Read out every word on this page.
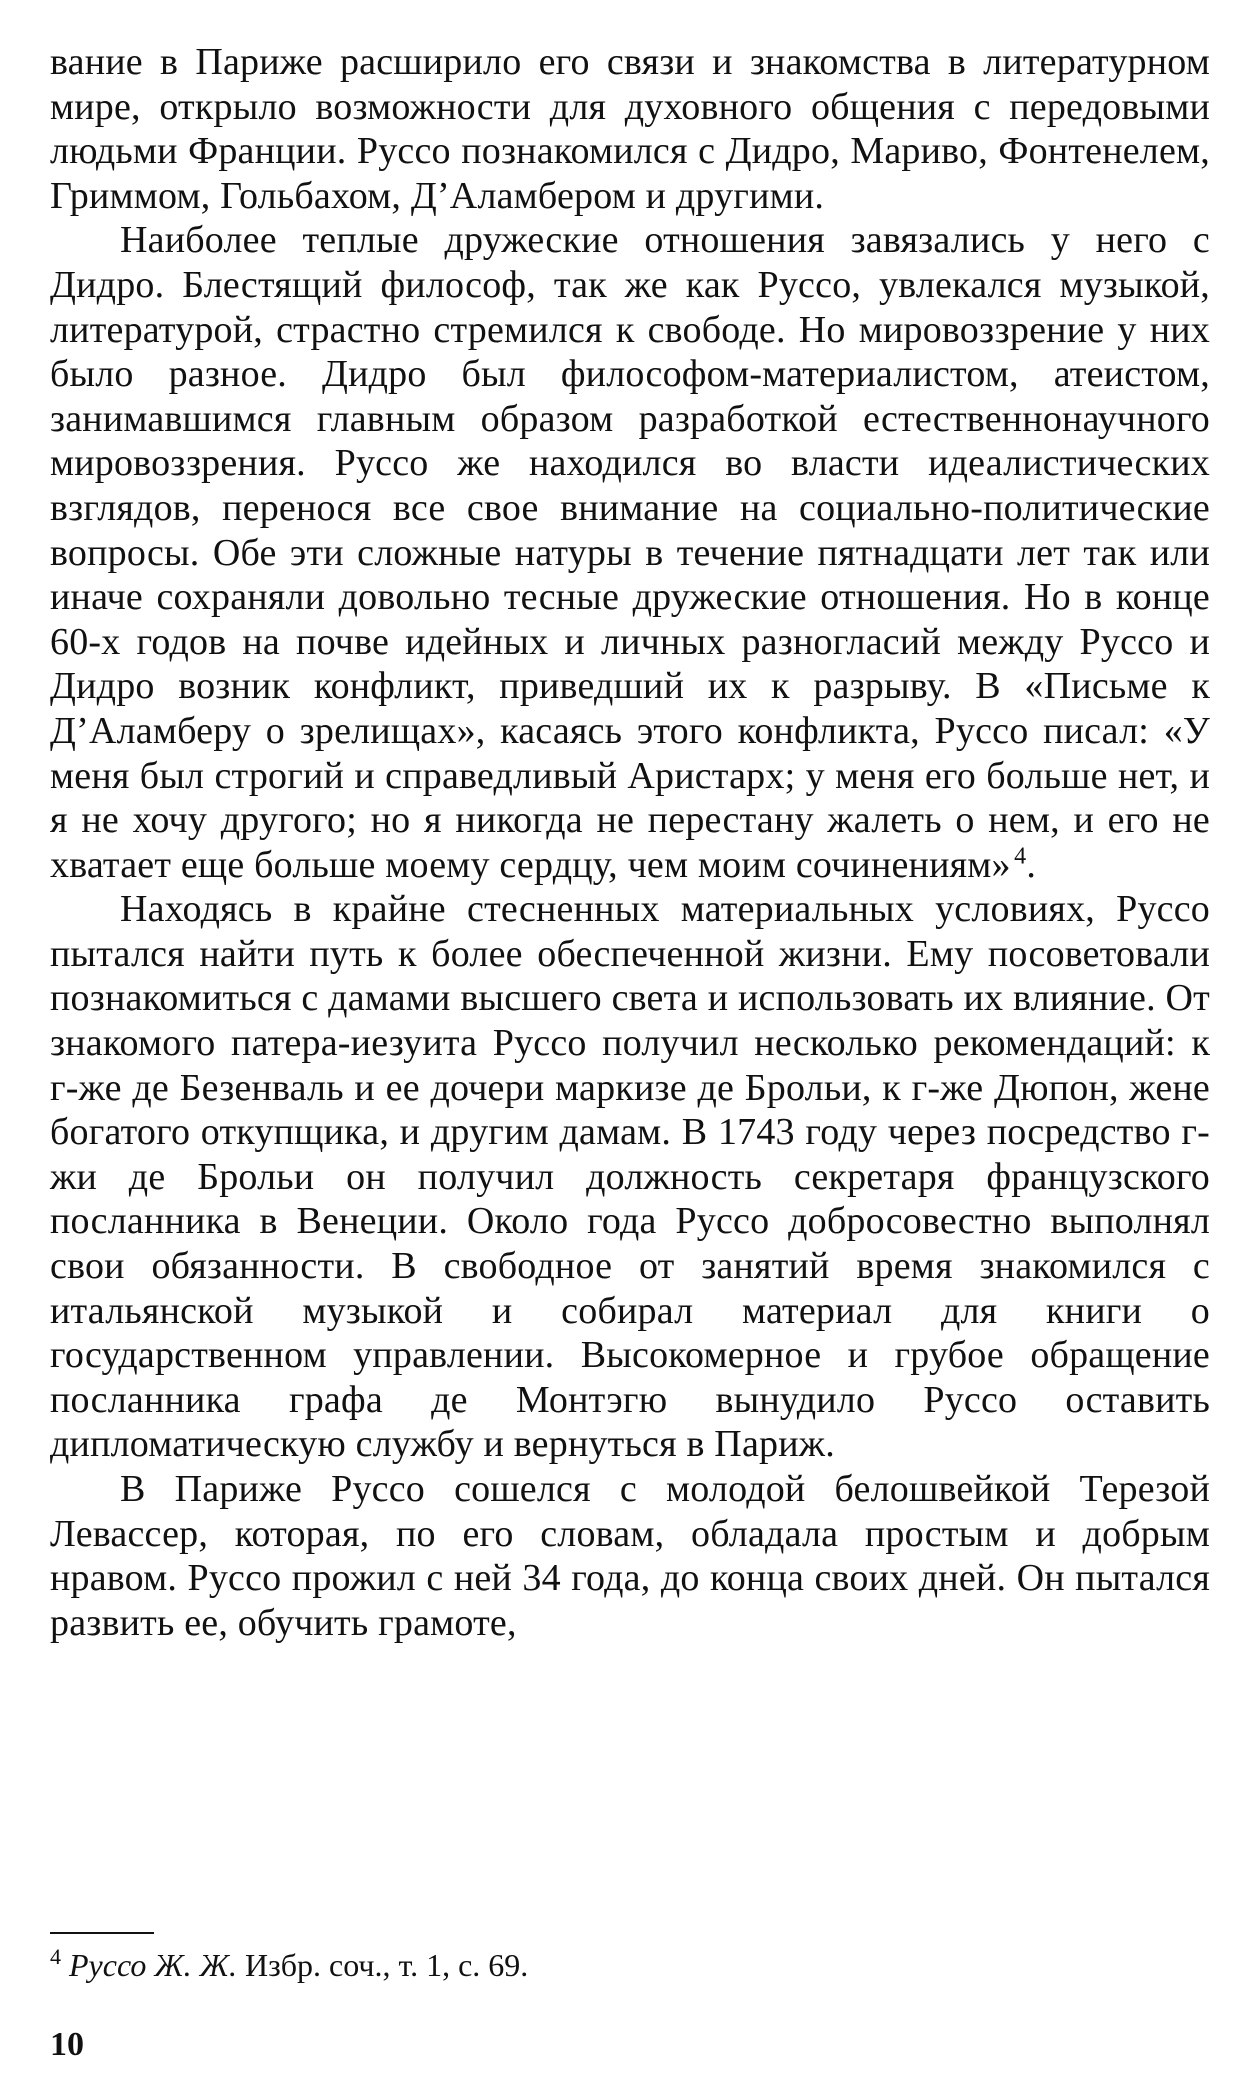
вание в Париже расширило его связи и знакомства в литературном мире, открыло возможности для духовного общения с передовыми людьми Франции. Руссо познакомился с Дидро, Мариво, Фонтенелем, Гриммом, Гольбахом, Д’Аламбером и другими.

Наиболее теплые дружеские отношения завязались у него с Дидро. Блестящий философ, так же как Руссо, увлекался музыкой, литературой, страстно стремился к свободе. Но мировоззрение у них было разное. Дидро был философом-материалистом, атеистом, занимавшимся главным образом разработкой естественнонаучного мировоззрения. Руссо же находился во власти идеалистических взглядов, перенося все свое внимание на социально-политические вопросы. Обе эти сложные натуры в течение пятнадцати лет так или иначе сохраняли довольно тесные дружеские отношения. Но в конце 60-х годов на почве идейных и личных разногласий между Руссо и Дидро возник конфликт, приведший их к разрыву. В «Письме к Д’Аламберу о зрелищах», касаясь этого конфликта, Руссо писал: «У меня был строгий и справедливый Аристарх; у меня его больше нет, и я не хочу другого; но я никогда не перестану жалеть о нем, и его не хватает еще больше моему сердцу, чем моим сочинениям»  $^4$.

Находясь в крайне стесненных материальных условиях, Руссо пытался найти путь к более обеспеченной жизни. Ему посоветовали познакомиться с дамами высшего света и использовать их влияние. От знакомого патера-иезуита Руссо получил несколько рекомендаций: к г-же де Безенваль и ее дочери маркизе де Брольи, к г-же Дюпон, жене богатого откупщика, и другим дамам. В 1743 году через посредство г-жи де Брольи он получил должность секретаря французского посланника в Венеции. Около года Руссо добросовестно выполнял свои обязанности. В свободное от занятий время знакомился с итальянской музыкой и собирал материал для книги о государственном управлении. Высокомерное и грубое обращение посланника графа де Монтэгю вынудило Руссо оставить дипломатическую службу и вернуться в Париж.

В Париже Руссо сошелся с молодой белошвейкой Терезой Левассер, которая, по его словам, обладала простым и добрым нравом. Руссо прожил с ней 34 года, до конца своих дней. Он пытался развить ее, обучить грамоте,

$^4$ Руссо Ж. Ж. Избр. соч., т. 1, с. 69.
10
